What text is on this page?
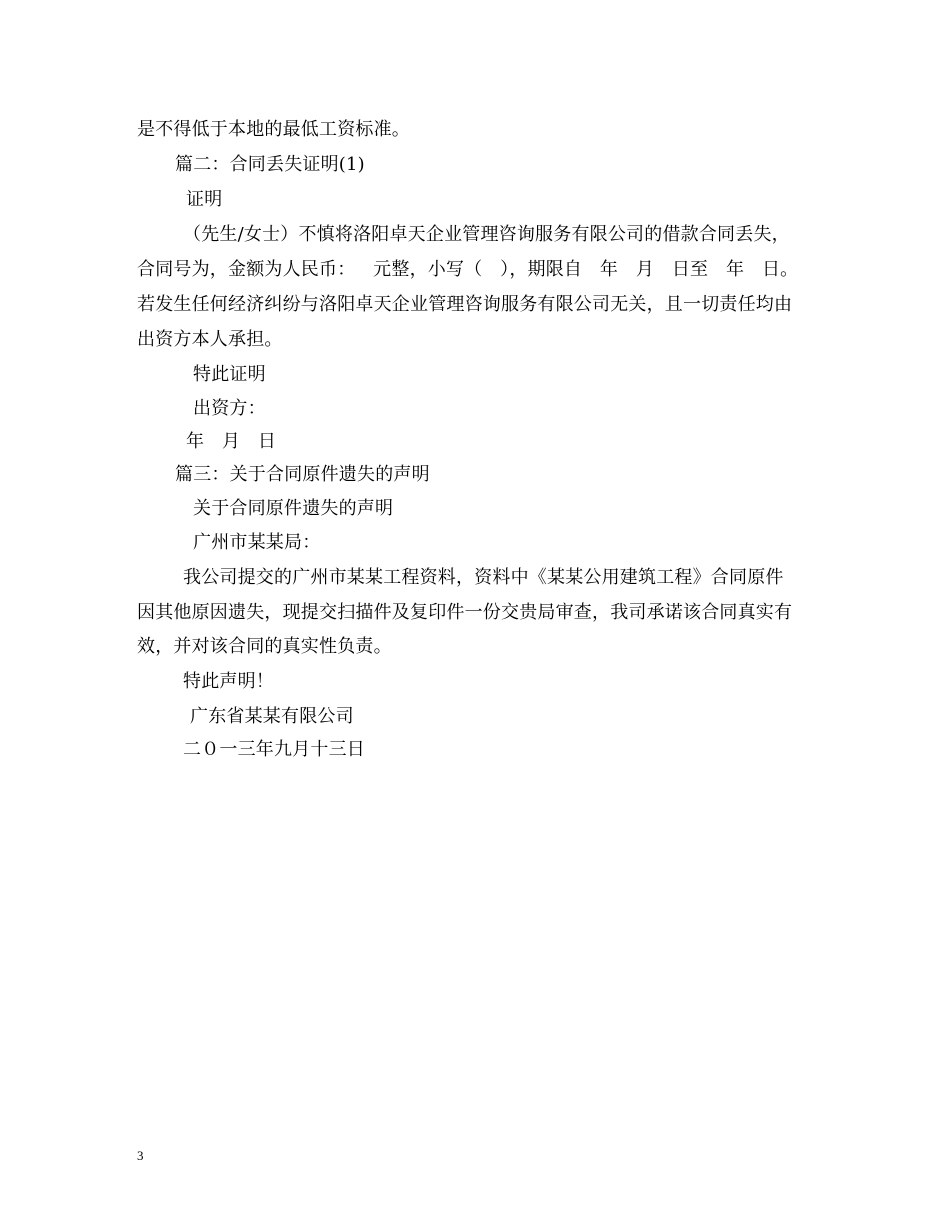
是不得低于本地的最低工资标准。
篇二：合同丢失证明(1)
证明
（先生/女士）不慎将洛阳卓天企业管理咨询服务有限公司的借款合同丢失，
合同号为，金额为人民币：   元整，小写（   ），期限自   年   月   日至   年   日。
若发生任何经济纠纷与洛阳卓天企业管理咨询服务有限公司无关，且一切责任均由
出资方本人承担。
特此证明
出资方：
年   月   日
篇三：关于合同原件遗失的声明
关于合同原件遗失的声明
广州市某某局：
我公司提交的广州市某某工程资料，资料中《某某公用建筑工程》合同原件
因其他原因遗失，现提交扫描件及复印件一份交贵局审查，我司承诺该合同真实有
效，并对该合同的真实性负责。
特此声明！
广东省某某有限公司
二０一三年九月十三日
3
